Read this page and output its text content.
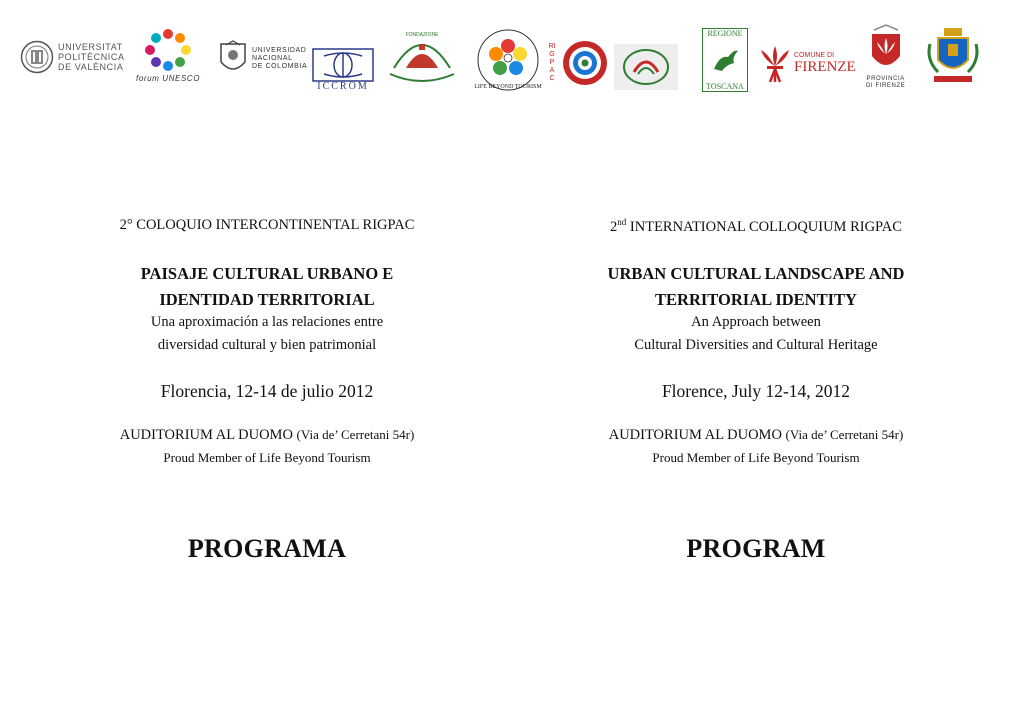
UNIVERSITAT
POLITÈCNICA
DE VALÈNCIA
forum UNESCO
UNIVERSIDAD
NACIONAL
DE COLOMBIA
ICCROM
FONDAZIONE
LIFE BEYOND TOURISM
RIGPAC
REGIONE
TOSCANA
COMUNE DI
FIRENZE
PROVINCIA
DI FIRENZE
2° COLOQUIO INTERCONTINENTAL RIGPAC
PAISAJE CULTURAL URBANO E
IDENTIDAD TERRITORIAL
Una aproximación a las relaciones entre
diversidad cultural y bien patrimonial
Florencia, 12-14 de julio 2012
AUDITORIUM AL DUOMO (Via de’ Cerretani 54r)
Proud Member of Life Beyond Tourism
PROGRAMA
2nd INTERNATIONAL COLLOQUIUM RIGPAC
URBAN CULTURAL LANDSCAPE AND
TERRITORIAL IDENTITY
An Approach between
Cultural Diversities and Cultural Heritage
Florence, July 12-14, 2012
AUDITORIUM AL DUOMO (Via de’ Cerretani 54r)
Proud Member of Life Beyond Tourism
PROGRAM
